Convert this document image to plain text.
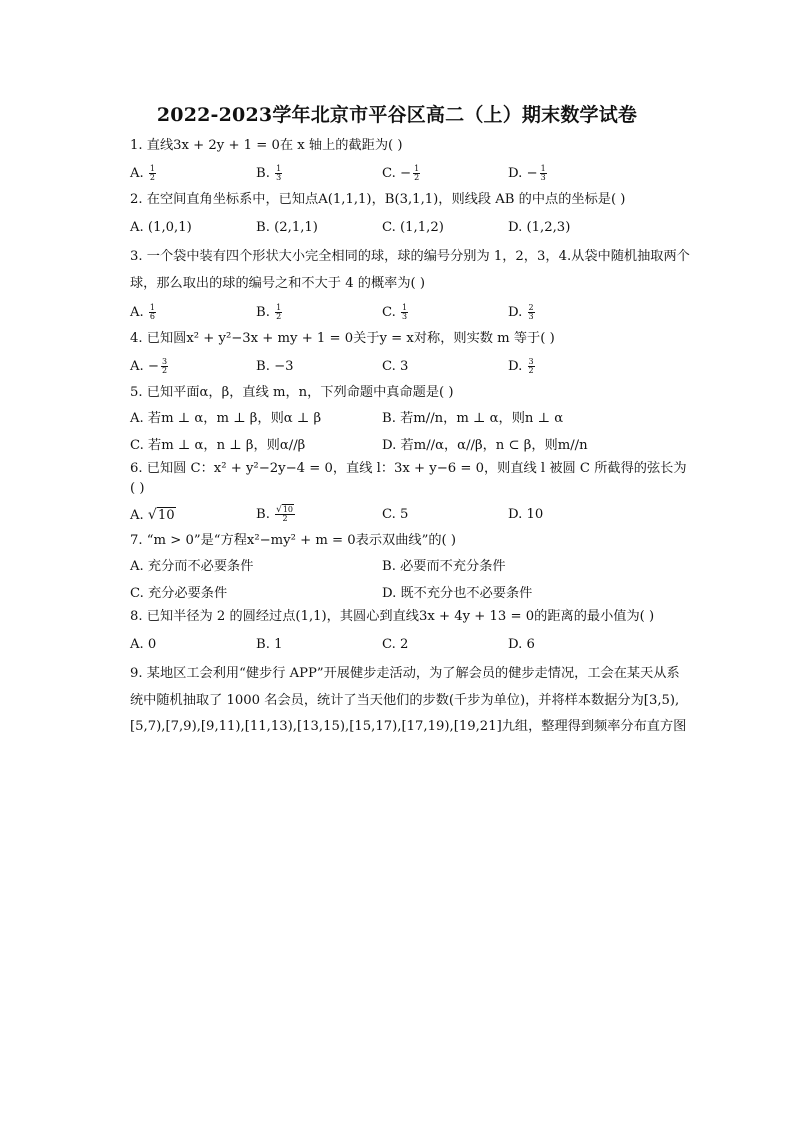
2022-2023学年北京市平谷区高二（上）期末数学试卷
1. 直线3x + 2y + 1 = 0在 x 轴上的截距为( )
A. $\frac{1}{2}$	B. $\frac{1}{3}$	C. − $\frac{1}{2}$	D. − $\frac{1}{3}$
2. 在空间直角坐标系中，已知点A(1,1,1)，B(3,1,1)，则线段 AB 的中点的坐标是( )
A. (1,0,1)	B. (2,1,1)	C. (1,1,2)	D. (1,2,3)
3. 一个袋中装有四个形状大小完全相同的球，球的编号分别为 1，2，3，4.从袋中随机抽取两个球，那么取出的球的编号之和不大于 4 的概率为( )
A. $\frac{1}{6}$	B. $\frac{1}{2}$	C. $\frac{1}{3}$	D. $\frac{2}{3}$
4. 已知圆x² + y²−3x + my + 1 = 0关于y = x对称，则实数 m 等于( )
A. − $\frac{3}{2}$	B. −3	C. 3	D. $\frac{3}{2}$
5. 已知平面α，β，直线 m，n，下列命题中真命题是( )
A. 若m ⊥ α，m ⊥ β，则α ⊥ β	B. 若m//n，m ⊥ α，则n ⊥ α
C. 若m ⊥ α，n ⊥ β，则α//β	D. 若m//α，α//β，n ⊂ β，则m//n
6. 已知圆 C：x² + y²−2y−4 = 0，直线 l：3x + y−6 = 0，则直线 l 被圆 C 所截得的弦长为( )
A. √10	B. $\frac{√10}{2}$	C. 5	D. 10
7. “m > 0”是“方程x²−my² + m = 0表示双曲线”的( )
A. 充分而不必要条件	B. 必要而不充分条件
C. 充分必要条件	D. 既不充分也不必要条件
8. 已知半径为 2 的圆经过点(1,1)，其圆心到直线3x + 4y + 13 = 0的距离的最小值为( )
A. 0	B. 1	C. 2	D. 6
9. 某地区工会利用“健步行 APP”开展健步走活动，为了解会员的健步走情况，工会在某天从系统中随机抽取了 1000 名会员，统计了当天他们的步数(千步为单位)，并将样本数据分为[3,5),[5,7),[7,9),[9,11),[11,13),[13,15),[15,17),[17,19),[19,21]九组，整理得到频率分布直方图
